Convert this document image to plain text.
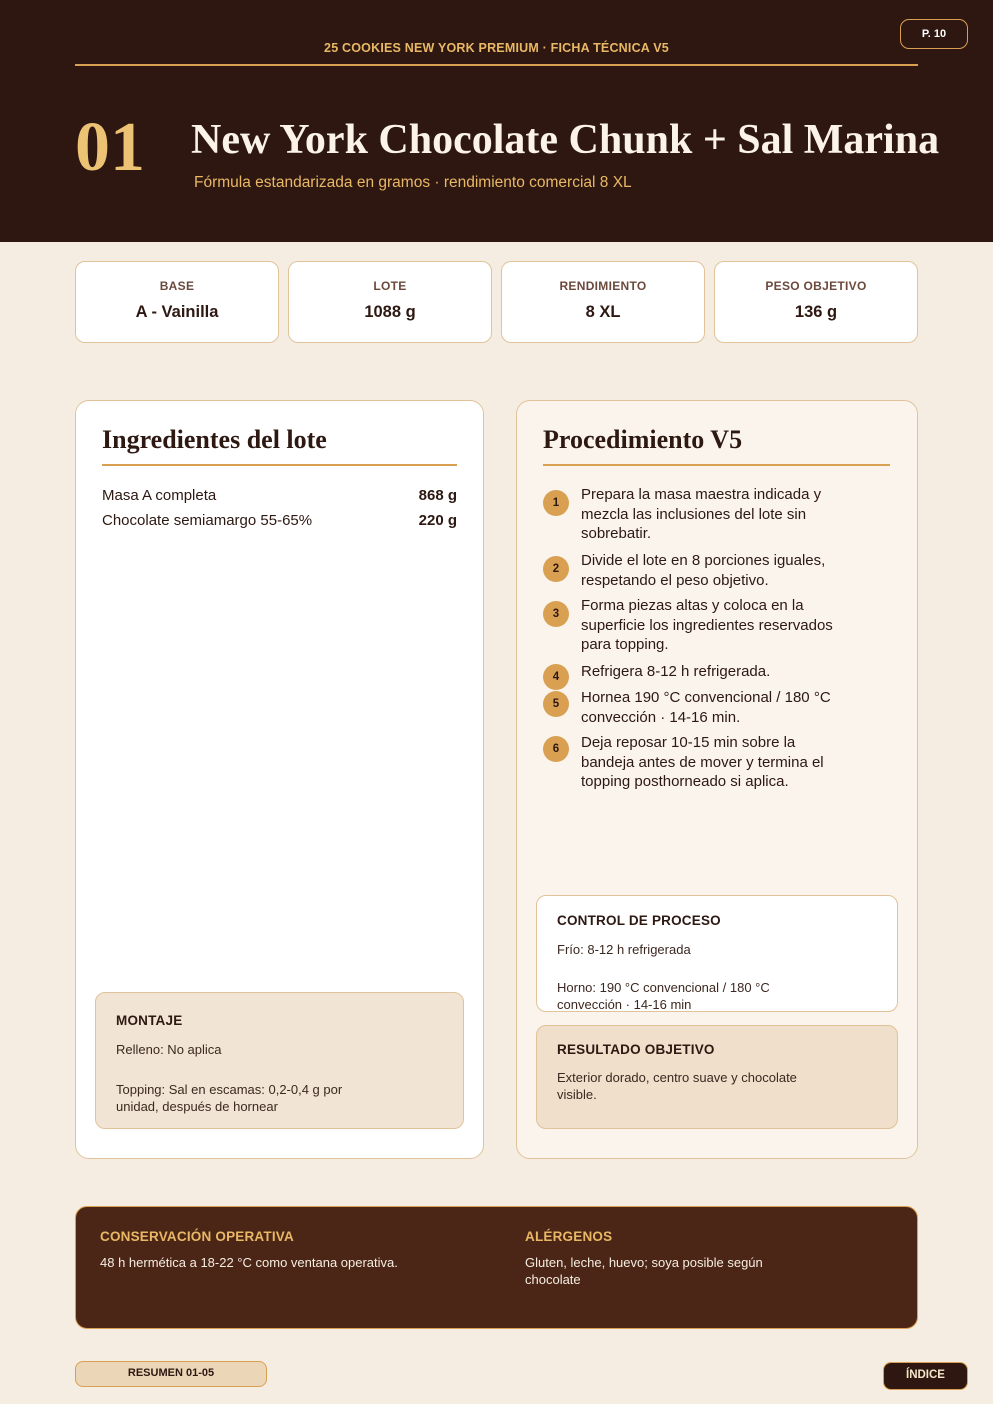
25 COOKIES NEW YORK PREMIUM · FICHA TÉCNICA V5
P. 10
01 New York Chocolate Chunk + Sal Marina
Fórmula estandarizada en gramos · rendimiento comercial 8 XL
BASE
A - Vainilla
LOTE
1088 g
RENDIMIENTO
8 XL
PESO OBJETIVO
136 g
Ingredientes del lote
Masa A completa	868 g
Chocolate semiamargo 55-65%	220 g
MONTAJE
Relleno: No aplica
Topping: Sal en escamas: 0,2-0,4 g por unidad, después de hornear
Procedimiento V5
1	Prepara la masa maestra indicada y mezcla las inclusiones del lote sin sobrebatir.
2	Divide el lote en 8 porciones iguales, respetando el peso objetivo.
3	Forma piezas altas y coloca en la superficie los ingredientes reservados para topping.
4	Refrigera 8-12 h refrigerada.
5	Hornea 190 °C convencional / 180 °C convección · 14-16 min.
6	Deja reposar 10-15 min sobre la bandeja antes de mover y termina el topping posthorneado si aplica.
CONTROL DE PROCESO
Frío: 8-12 h refrigerada
Horno: 190 °C convencional / 180 °C convección · 14-16 min
RESULTADO OBJETIVO
Exterior dorado, centro suave y chocolate visible.
CONSERVACIÓN OPERATIVA
48 h hermética a 18-22 °C como ventana operativa.
ALÉRGENOS
Gluten, leche, huevo; soya posible según chocolate
RESUMEN 01-05	ÍNDICE
